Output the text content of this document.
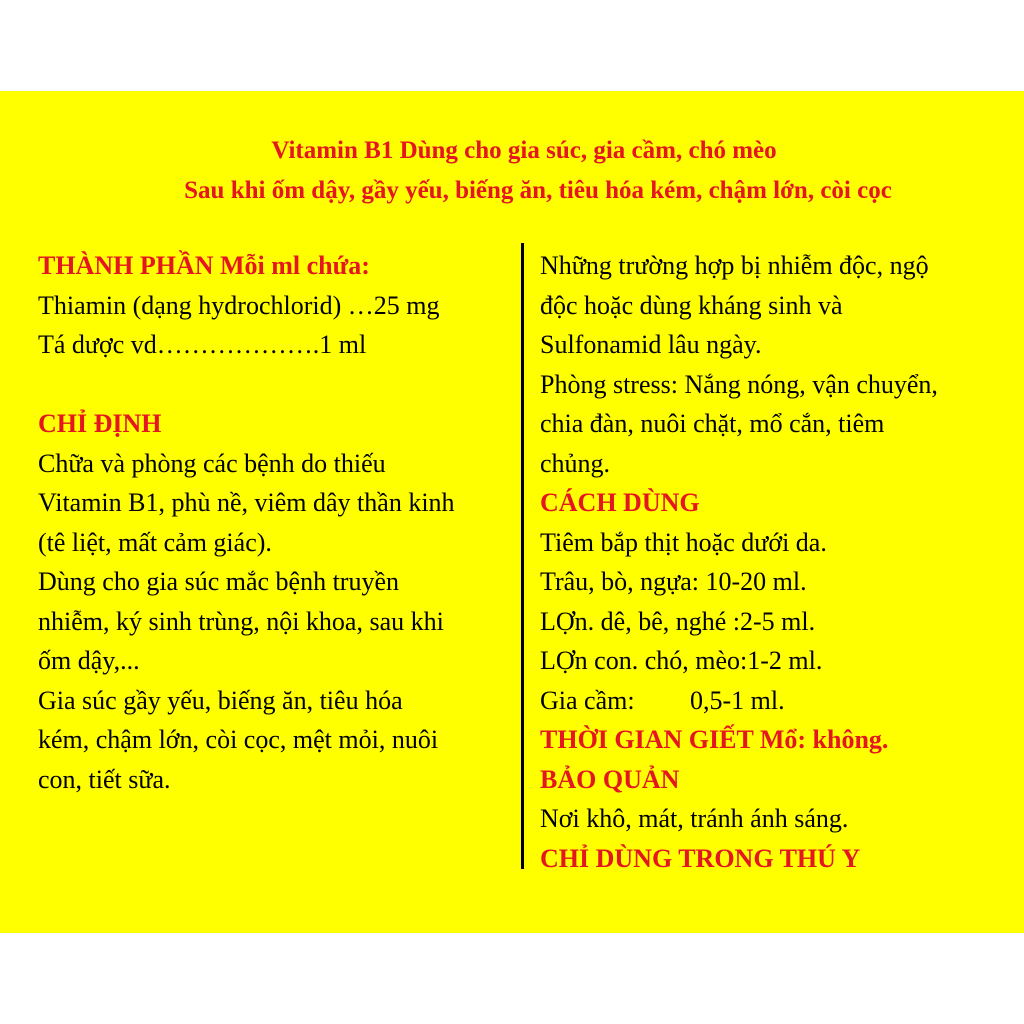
Vitamin B1 Dùng cho gia súc, gia cầm, chó mèo
Sau khi ốm dậy, gầy yếu, biếng ăn, tiêu hóa kém, chậm lớn, còi cọc
THÀNH PHẦN Mỗi ml chứa:
Thiamin (dạng hydrochlorid) …25 mg
Tá dược vd……………….1 ml
CHỈ ĐỊNH
Chữa và phòng các bệnh do thiếu
Vitamin B1, phù nề, viêm dây thần kinh
(tê liệt, mất cảm giác).
Dùng cho gia súc mắc bệnh truyền
nhiễm, ký sinh trùng, nội khoa, sau khi
ốm dậy,...
Gia súc gầy yếu, biếng ăn, tiêu hóa
kém, chậm lớn, còi cọc, mệt mỏi, nuôi
con, tiết sữa.
Những trường hợp bị nhiễm độc, ngộ
độc hoặc dùng kháng sinh và
Sulfonamid lâu ngày.
Phòng stress: Nắng nóng, vận chuyển,
chia đàn, nuôi chặt, mổ cắn, tiêm
chủng.
CÁCH DÙNG
Tiêm bắp thịt hoặc dưới da.
Trâu, bò, ngựa: 10-20 ml.
LỢn. dê, bê, nghé :2-5 ml.
LỢn con. chó, mèo:1-2 ml.
Gia cầm: 0,5-1 ml.
THỜI GIAN GIẾT Mổ: không.
BẢO QUẢN
Nơi khô, mát, tránh ánh sáng.
CHỈ DÙNG TRONG THÚ Y
